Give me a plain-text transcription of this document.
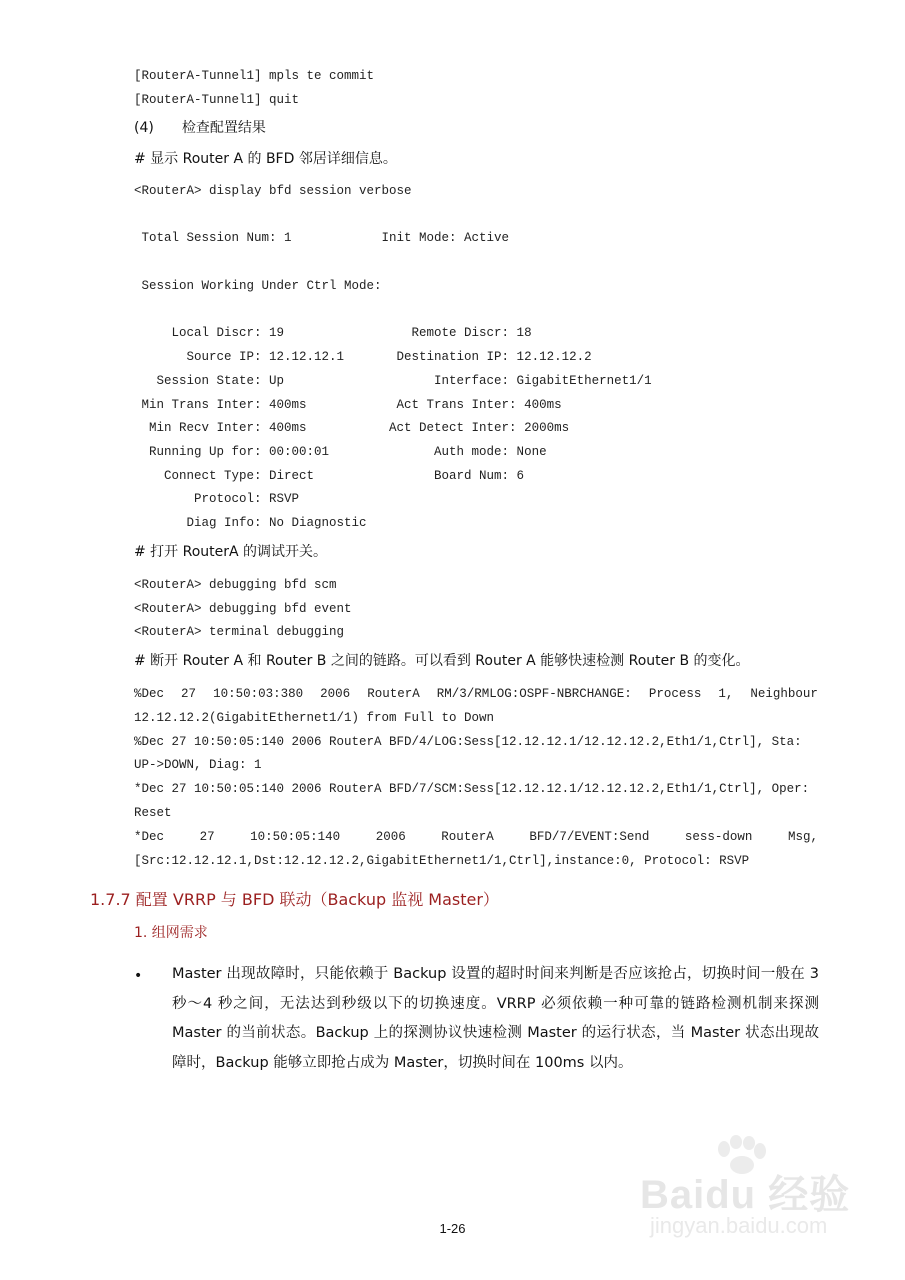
[RouterA-Tunnel1] mpls te commit
[RouterA-Tunnel1] quit
(4)　　检查配置结果
# 显示 Router A 的 BFD 邻居详细信息。
<RouterA> display bfd session verbose
Total Session Num: 1            Init Mode: Active
Session Working Under Ctrl Mode:
Local Discr: 19                 Remote Discr: 18
Source IP: 12.12.12.1       Destination IP: 12.12.12.2
Session State: Up                    Interface: GigabitEthernet1/1
Min Trans Inter: 400ms            Act Trans Inter: 400ms
Min Recv Inter: 400ms           Act Detect Inter: 2000ms
Running Up for: 00:00:01              Auth mode: None
Connect Type: Direct                Board Num: 6
Protocol: RSVP
Diag Info: No Diagnostic
# 打开 RouterA 的调试开关。
<RouterA> debugging bfd scm
<RouterA> debugging bfd event
<RouterA> terminal debugging
# 断开 Router A 和 Router B 之间的链路。可以看到 Router A 能够快速检测 Router B 的变化。
%Dec 27 10:50:03:380 2006 RouterA RM/3/RMLOG:OSPF-NBRCHANGE: Process 1, Neighbour
12.12.12.2(GigabitEthernet1/1) from Full to Down
%Dec 27 10:50:05:140 2006 RouterA BFD/4/LOG:Sess[12.12.12.1/12.12.12.2,Eth1/1,Ctrl], Sta:
UP->DOWN, Diag: 1
*Dec 27 10:50:05:140 2006 RouterA BFD/7/SCM:Sess[12.12.12.1/12.12.12.2,Eth1/1,Ctrl], Oper:
Reset
*Dec	27	10:50:05:140	2006	RouterA	BFD/7/EVENT:Send	sess-down	Msg,
[Src:12.12.12.1,Dst:12.12.12.2,GigabitEthernet1/1,Ctrl],instance:0, Protocol: RSVP
1.7.7 配置 VRRP 与 BFD 联动（Backup 监视 Master）
1. 组网需求
• Master 出现故障时，只能依赖于 Backup 设置的超时时间来判断是否应该抢占，切换时间一般在 3 秒～4 秒之间，无法达到秒级以下的切换速度。VRRP 必须依赖一种可靠的链路检测机制来探测 Master 的当前状态。Backup 上的探测协议快速检测 Master 的运行状态，当 Master 状态出现故障时，Backup 能够立即抢占成为 Master，切换时间在 100ms 以内。
1-26
Baidu 经验
jingyan.baidu.com
